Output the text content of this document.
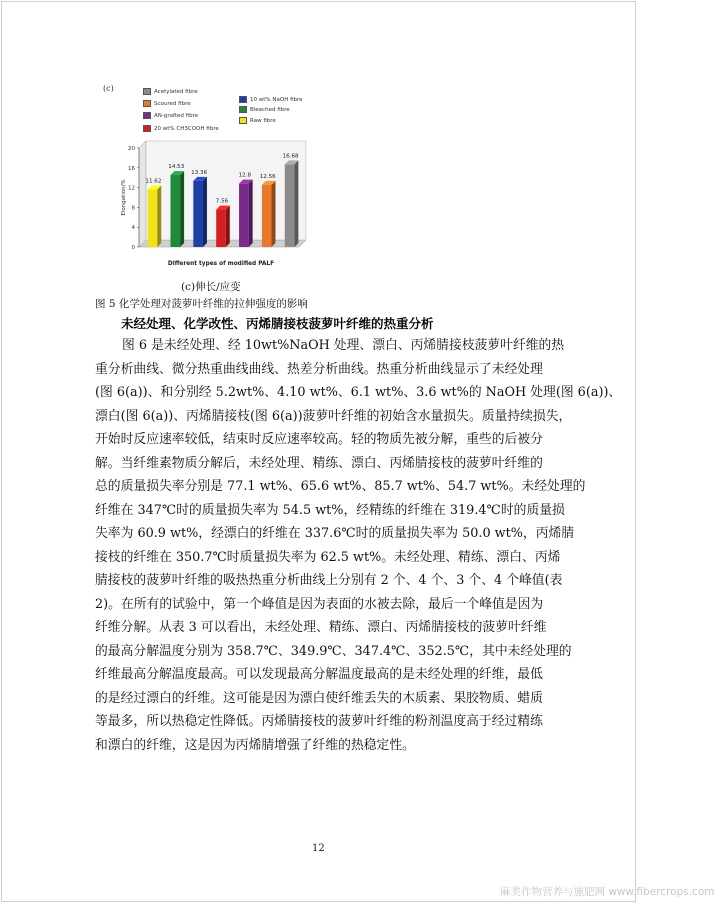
(c)	Acetylated fibre
Scoured fibre
AN-grafted fibre
20 wt% CH3COOH fibre
10 wt% NaOH fibre
Bleached fibre
Raw fibre
0
4
8
12
16
20
Elongation/%	11.62
14.53
13.36
7.56
12.8 12.56
16.68
Different types of modified PALF
(c)伸长/应变
图 5 化学处理对菠萝叶纤维的拉伸强度的影响
未经处理、化学改性、丙烯腈接枝菠萝叶纤维的热重分析
图 6 是未经处理、经 10wt%NaOH 处理、漂白、丙烯腈接枝菠萝叶纤维的热
重分析曲线、微分热重曲线曲线、热差分析曲线。热重分析曲线显示了未经处理
(图 6(a))、和分别经 5.2wt%、4.10 wt%、6.1 wt%、3.6 wt%的 NaOH 处理(图 6(a))、
漂白(图 6(a))、丙烯腈接枝(图 6(a))菠萝叶纤维的初始含水量损失。质量持续损失，
开始时反应速率较低，结束时反应速率较高。轻的物质先被分解，重些的后被分
解。当纤维素物质分解后，未经处理、精练、漂白、丙烯腈接枝的菠萝叶纤维的
总的质量损失率分别是 77.1 wt%、65.6 wt%、85.7 wt%、54.7 wt%。未经处理的
纤维在 347℃时的质量损失率为 54.5 wt%，经精练的纤维在 319.4℃时的质量损
失率为 60.9 wt%，经漂白的纤维在 337.6℃时的质量损失率为 50.0 wt%，丙烯腈
接枝的纤维在 350.7℃时质量损失率为 62.5 wt%。未经处理、精练、漂白、丙烯
腈接枝的菠萝叶纤维的吸热热重分析曲线上分别有 2 个、4 个、3 个、4 个峰值(表
2)。在所有的试验中，第一个峰值是因为表面的水被去除，最后一个峰值是因为
纤维分解。从表 3 可以看出，未经处理、精练、漂白、丙烯腈接枝的菠萝叶纤维
的最高分解温度分别为 358.7℃、349.9℃、347.4℃、352.5℃，其中未经处理的
纤维最高分解温度最高。可以发现最高分解温度最高的是未经处理的纤维，最低
的是经过漂白的纤维。这可能是因为漂白使纤维丢失的木质素、果胶物质、蜡质
等最多，所以热稳定性降低。丙烯腈接枝的菠萝叶纤维的粉剂温度高于经过精练
和漂白的纤维，这是因为丙烯腈增强了纤维的热稳定性。
12
麻类作物营养与施肥网 www.fibercrops.com
